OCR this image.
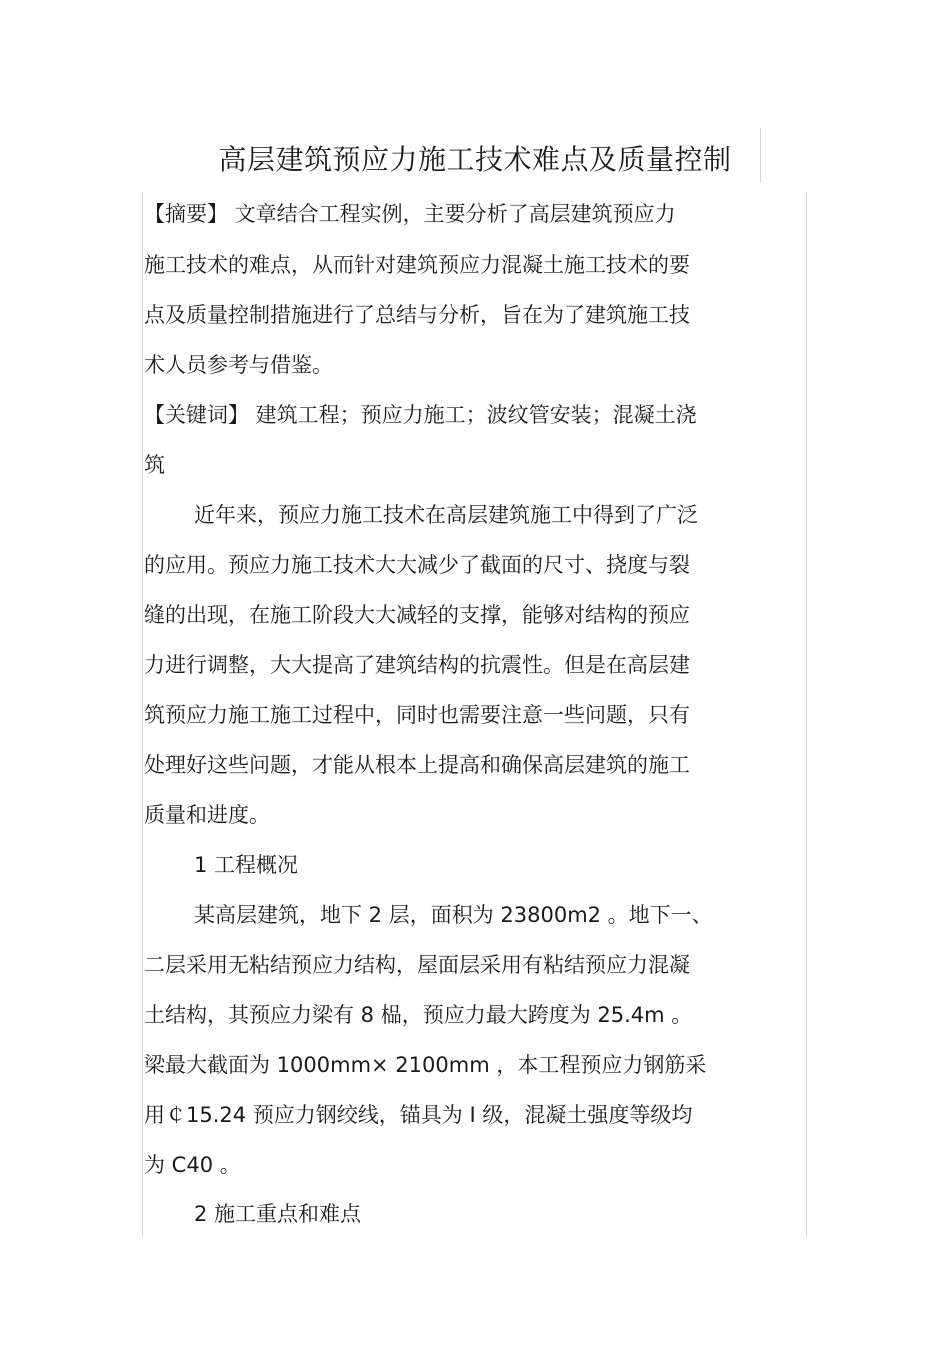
高层建筑预应力施工技术难点及质量控制
【摘要】 文章结合工程实例，主要分析了高层建筑预应力
施工技术的难点，从而针对建筑预应力混凝土施工技术的要
点及质量控制措施进行了总结与分析，旨在为了建筑施工技
术人员参考与借鉴。
【关键词】 建筑工程；预应力施工；波纹管安装；混凝土浇
筑
近年来，预应力施工技术在高层建筑施工中得到了广泛
的应用。预应力施工技术大大减少了截面的尺寸、挠度与裂
缝的出现，在施工阶段大大减轻的支撑，能够对结构的预应
力进行调整，大大提高了建筑结构的抗震性。但是在高层建
筑预应力施工施工过程中，同时也需要注意一些问题，只有
处理好这些问题，才能从根本上提高和确保高层建筑的施工
质量和进度。
1 工程概况
某高层建筑，地下 2 层，面积为 23800m2 。地下一、
二层采用无粘结预应力结构，屋面层采用有粘结预应力混凝
土结构，其预应力梁有 8 榀，预应力最大跨度为 25.4m 。
梁最大截面为 1000mm× 2100mm ，本工程预应力钢筋采
用￠15.24 预应力钢绞线，锚具为 Ⅰ 级，混凝土强度等级均
为 C40 。
2 施工重点和难点
